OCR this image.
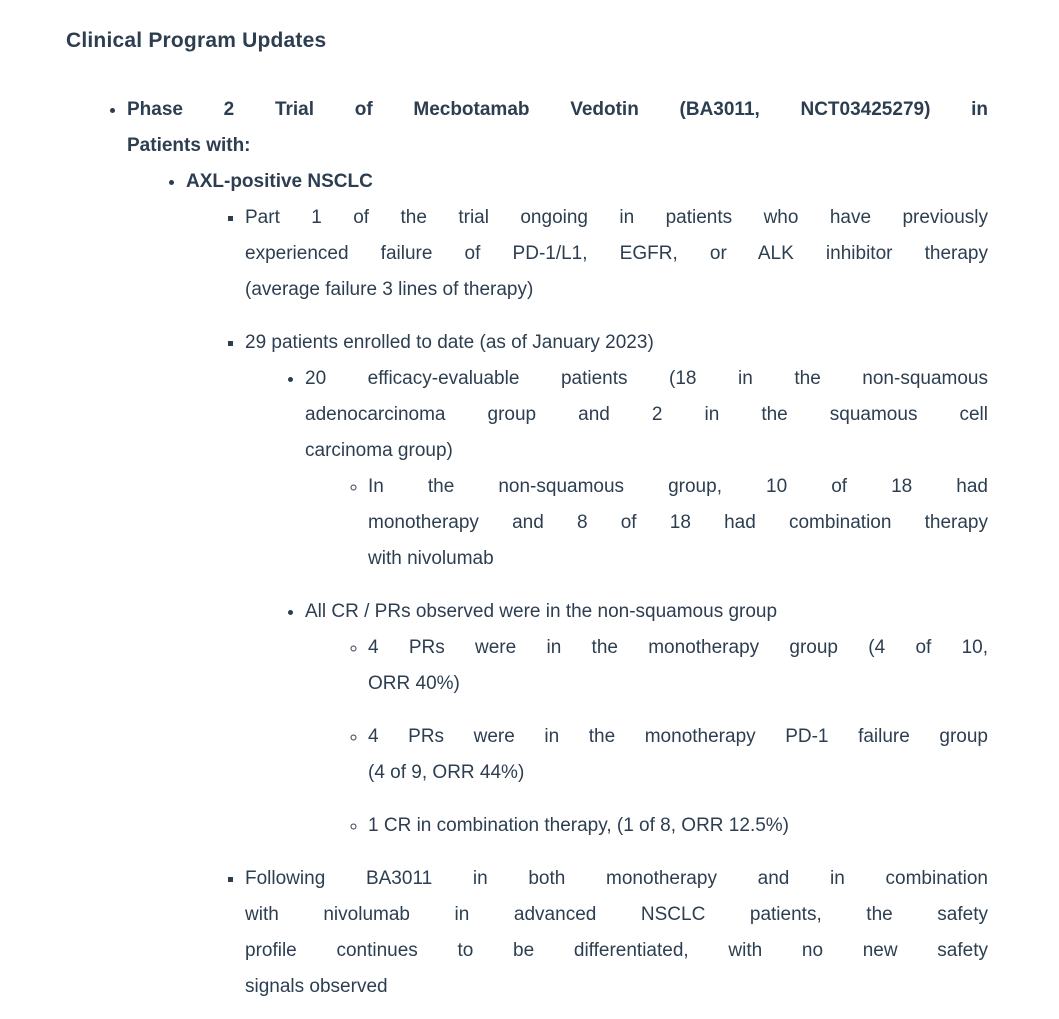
Clinical Program Updates
• Phase 2 Trial of Mecbotamab Vedotin (BA3011, NCT03425279) in
Patients with:
• AXL-positive NSCLC
▪ Part 1 of the trial ongoing in patients who have previously
experienced failure of PD-1/L1, EGFR, or ALK inhibitor therapy
(average failure 3 lines of therapy)
▪ 29 patients enrolled to date (as of January 2023)
• 20 efficacy-evaluable patients (18 in the non-squamous
adenocarcinoma group and 2 in the squamous cell
carcinoma group)
◦ In the non-squamous group, 10 of 18 had
monotherapy and 8 of 18 had combination therapy
with nivolumab
• All CR / PRs observed were in the non-squamous group
◦ 4 PRs were in the monotherapy group (4 of 10,
ORR 40%)
◦ 4 PRs were in the monotherapy PD-1 failure group
(4 of 9, ORR 44%)
◦ 1 CR in combination therapy, (1 of 8, ORR 12.5%)
▪ Following BA3011 in both monotherapy and in combination
with nivolumab in advanced NSCLC patients, the safety
profile continues to be differentiated, with no new safety
signals observed
